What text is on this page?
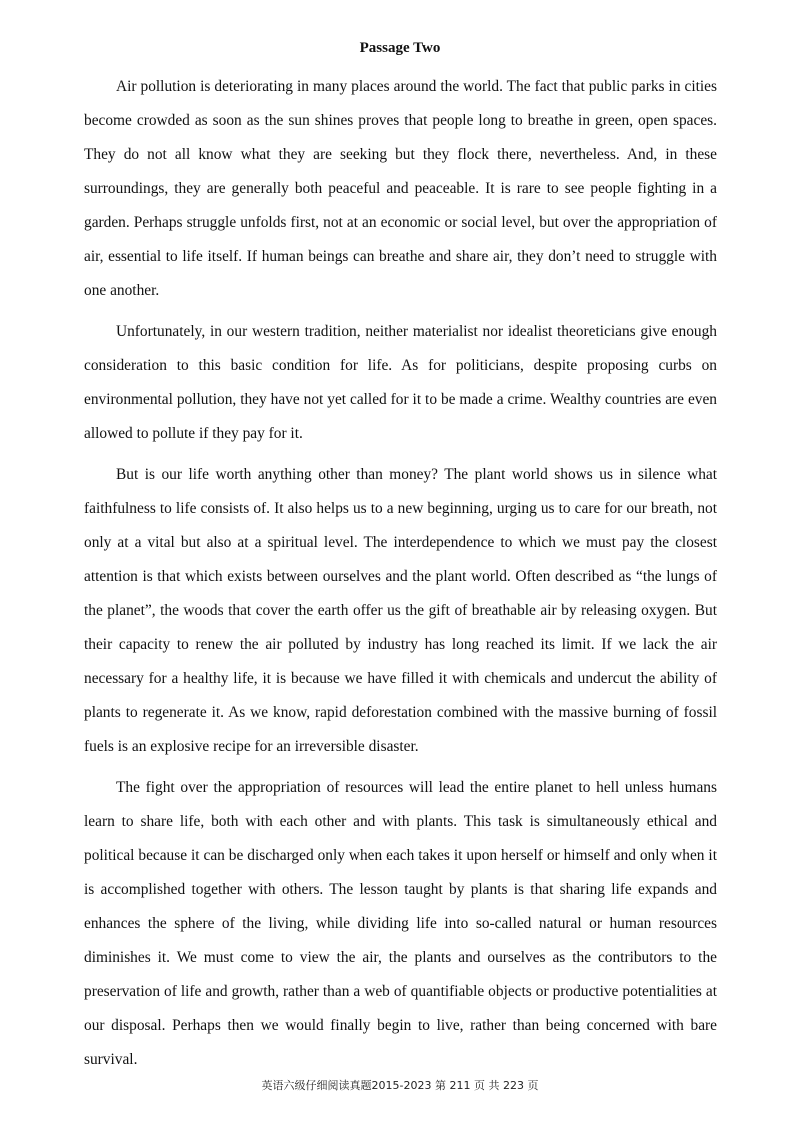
Passage Two

Air pollution is deteriorating in many places around the world. The fact that public parks in cities become crowded as soon as the sun shines proves that people long to breathe in green, open spaces. They do not all know what they are seeking but they flock there, nevertheless. And, in these surroundings, they are generally both peaceful and peaceable. It is rare to see people fighting in a garden. Perhaps struggle unfolds first, not at an economic or social level, but over the appropriation of air, essential to life itself. If human beings can breathe and share air, they don’t need to struggle with one another.

Unfortunately, in our western tradition, neither materialist nor idealist theoreticians give enough consideration to this basic condition for life. As for politicians, despite proposing curbs on environmental pollution, they have not yet called for it to be made a crime. Wealthy countries are even allowed to pollute if they pay for it.

But is our life worth anything other than money? The plant world shows us in silence what faithfulness to life consists of. It also helps us to a new beginning, urging us to care for our breath, not only at a vital but also at a spiritual level. The interdependence to which we must pay the closest attention is that which exists between ourselves and the plant world. Often described as “the lungs of the planet”, the woods that cover the earth offer us the gift of breathable air by releasing oxygen. But their capacity to renew the air polluted by industry has long reached its limit. If we lack the air necessary for a healthy life, it is because we have filled it with chemicals and undercut the ability of plants to regenerate it. As we know, rapid deforestation combined with the massive burning of fossil fuels is an explosive recipe for an irreversible disaster.

The fight over the appropriation of resources will lead the entire planet to hell unless humans learn to share life, both with each other and with plants. This task is simultaneously ethical and political because it can be discharged only when each takes it upon herself or himself and only when it is accomplished together with others. The lesson taught by plants is that sharing life expands and enhances the sphere of the living, while dividing life into so-called natural or human resources diminishes it. We must come to view the air, the plants and ourselves as the contributors to the preservation of life and growth, rather than a web of quantifiable objects or productive potentialities at our disposal. Perhaps then we would finally begin to live, rather than being concerned with bare survival.

英语六级仔细阅读真题2015-2023 第 211 页 共 223 页
